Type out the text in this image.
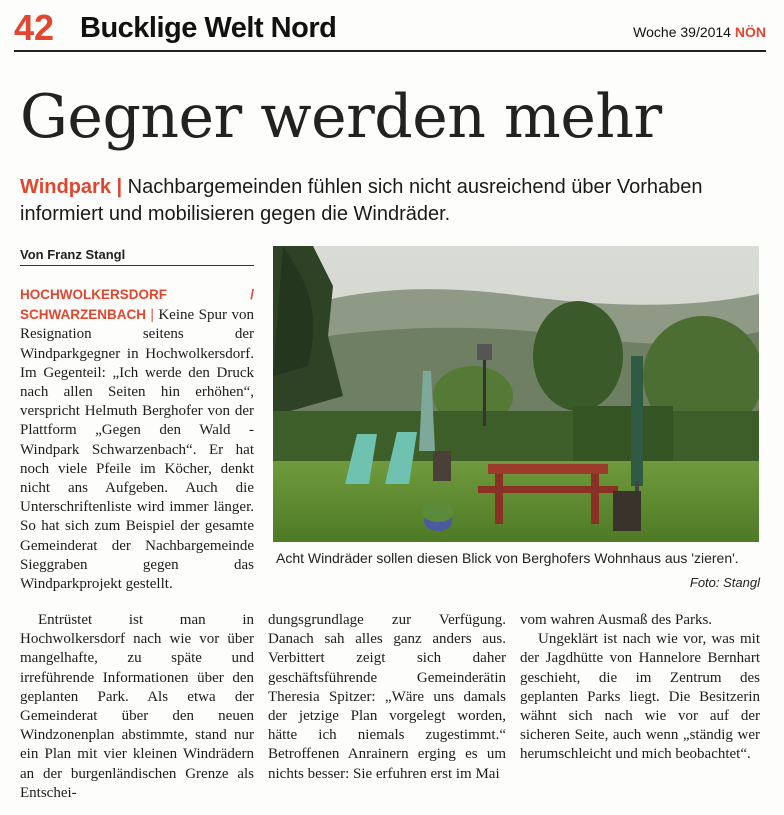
42 Bucklige Welt Nord	Woche 39/2014 NÖN
Gegner werden mehr
Windpark | Nachbargemeinden fühlen sich nicht ausreichend über Vorhaben informiert und mobilisieren gegen die Windräder.
Von Franz Stangl

HOCHWOLKERSDORF / SCHWARZENBACH | Keine Spur von Resignation seitens der Windparkgegner in Hochwolkersdorf. Im Gegenteil: „Ich werde den Druck nach allen Seiten hin erhöhen“, verspricht Helmuth Berghofer von der Plattform „Gegen den Wald - Windpark Schwarzenbach“. Er hat noch viele Pfeile im Köcher, denkt nicht ans Aufgeben. Auch die Unterschriftenliste wird immer länger. So hat sich zum Beispiel der gesamte Gemeinderat der Nachbargemeinde Sieggraben gegen das Windparkprojekt gestellt.

Entrüstet ist man in Hochwolkersdorf nach wie vor über mangelhafte, zu späte und irreführende Informationen über den geplanten Park. Als etwa der Gemeinderat über den neuen Windzonenplan abstimmte, stand nur ein Plan mit vier kleinen Windrädern an der burgenländischen Grenze als Entschei-

dungsgrundlage zur Verfügung. Danach sah alles ganz anders aus. Verbittert zeigt sich daher geschäftsführende Gemeinderätin Theresia Spitzer: „Wäre uns damals der jetzige Plan vorgelegt worden, hätte ich niemals zugestimmt.“ Betroffenen Anrainern erging es um nichts besser: Sie erfuhren erst im Mai

vom wahren Ausmaß des Parks.

Ungeklärt ist nach wie vor, was mit der Jagdhütte von Hannelore Bernhart geschieht, die im Zentrum des geplanten Parks liegt. Die Besitzerin wähnt sich nach wie vor auf der sicheren Seite, auch wenn „ständig wer herumschleicht und mich beobachtet“.

Acht Windräder sollen diesen Blick von Berghofers Wohnhaus aus 'zieren'.
Foto: Stangl
